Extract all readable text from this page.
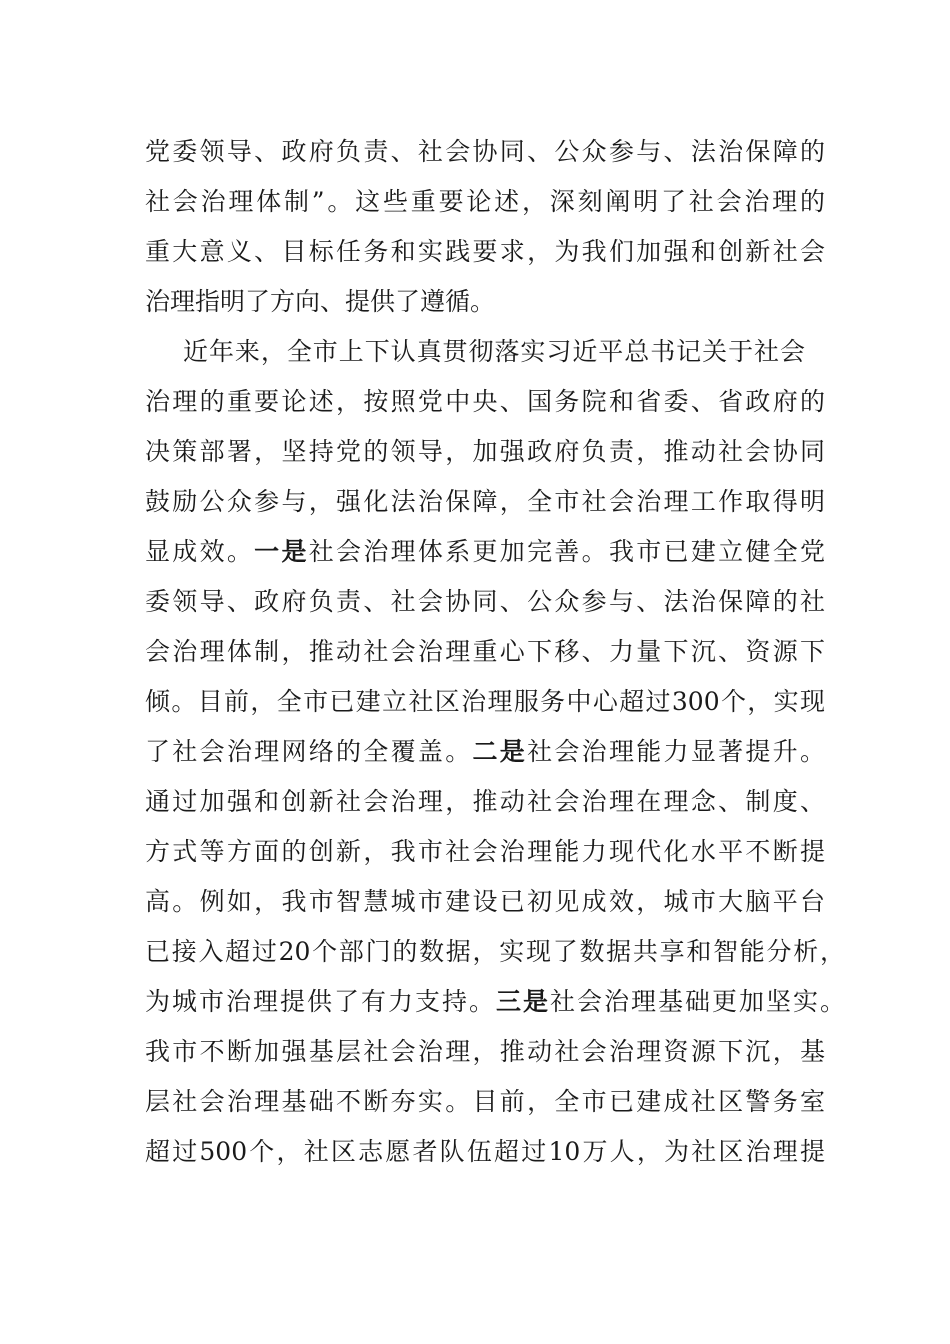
党委领导、政府负责、社会协同、公众参与、法治保障的
社会治理体制”。这些重要论述，深刻阐明了社会治理的
重大意义、目标任务和实践要求，为我们加强和创新社会
治理指明了方向、提供了遵循。
近年来，全市上下认真贯彻落实习近平总书记关于社会
治理的重要论述，按照党中央、国务院和省委、省政府的
决策部署，坚持党的领导，加强政府负责，推动社会协同
鼓励公众参与，强化法治保障，全市社会治理工作取得明
显成效。一是社会治理体系更加完善。我市已建立健全党
委领导、政府负责、社会协同、公众参与、法治保障的社
会治理体制，推动社会治理重心下移、力量下沉、资源下
倾。目前，全市已建立社区治理服务中心超过300个，实现
了社会治理网络的全覆盖。二是社会治理能力显著提升。
通过加强和创新社会治理，推动社会治理在理念、制度、
方式等方面的创新，我市社会治理能力现代化水平不断提
高。例如，我市智慧城市建设已初见成效，城市大脑平台
已接入超过20个部门的数据，实现了数据共享和智能分析，
为城市治理提供了有力支持。三是社会治理基础更加坚实。
我市不断加强基层社会治理，推动社会治理资源下沉，基
层社会治理基础不断夯实。目前，全市已建成社区警务室
超过500个，社区志愿者队伍超过10万人，为社区治理提
